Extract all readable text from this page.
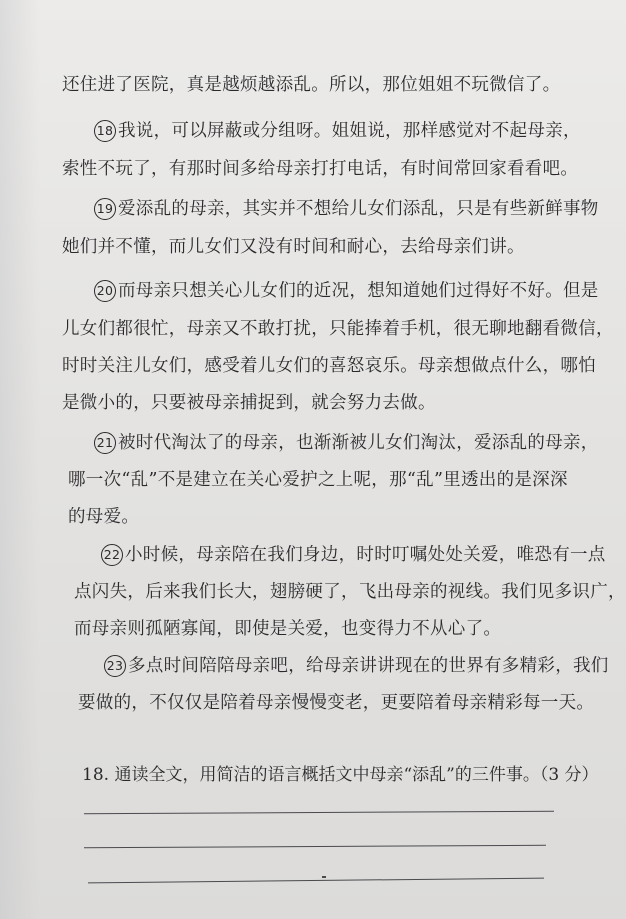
还住进了医院，真是越烦越添乱。所以，那位姐姐不玩微信了。
18 我说，可以屏蔽或分组呀。姐姐说，那样感觉对不起母亲，
索性不玩了，有那时间多给母亲打打电话，有时间常回家看看吧。
19 爱添乱的母亲，其实并不想给儿女们添乱，只是有些新鲜事物
她们并不懂，而儿女们又没有时间和耐心，去给母亲们讲。
20 而母亲只想关心儿女们的近况，想知道她们过得好不好。但是
儿女们都很忙，母亲又不敢打扰，只能捧着手机，很无聊地翻看微信，
时时关注儿女们，感受着儿女们的喜怒哀乐。母亲想做点什么，哪怕
是微小的，只要被母亲捕捉到，就会努力去做。
21 被时代淘汰了的母亲，也渐渐被儿女们淘汰，爱添乱的母亲，
哪一次“乱”不是建立在关心爱护之上呢，那“乱”里透出的是深深
的母爱。
22 小时候，母亲陪在我们身边，时时叮嘱处处关爱，唯恐有一点
点闪失，后来我们长大，翅膀硬了，飞出母亲的视线。我们见多识广，
而母亲则孤陋寡闻，即使是关爱，也变得力不从心了。
23 多点时间陪陪母亲吧，给母亲讲讲现在的世界有多精彩，我们
要做的，不仅仅是陪着母亲慢慢变老，更要陪着母亲精彩每一天。
18. 通读全文，用简洁的语言概括文中母亲“添乱”的三件事。（3 分）
